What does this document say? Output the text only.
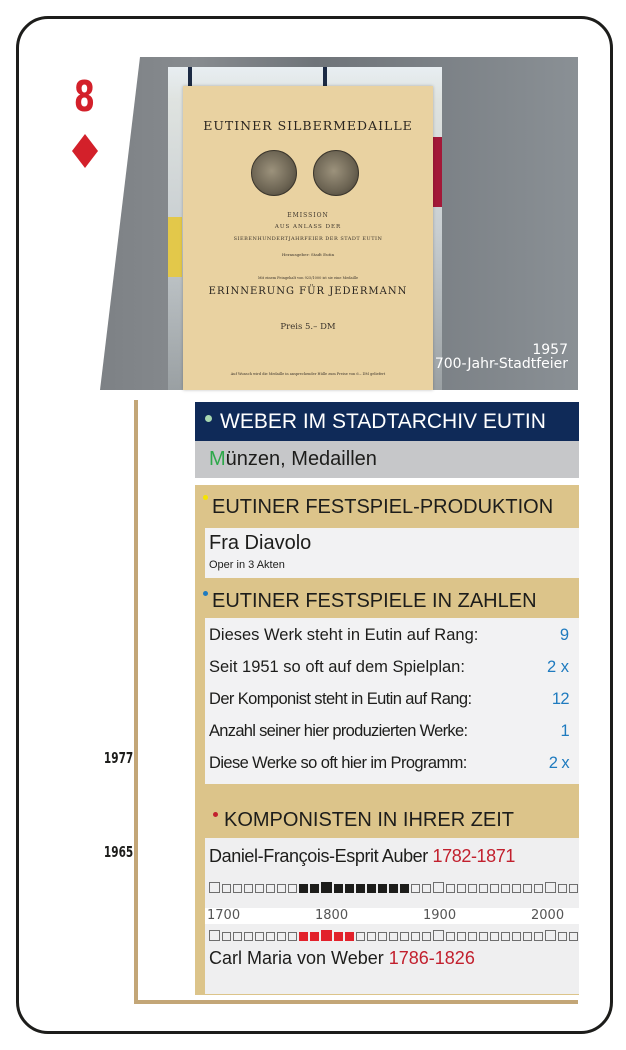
8
EUTINER SILBERMEDAILLE
EMISSION
AUS ANLASS DER
SIEBENHUNDERTJAHRFEIER DER STADT EUTIN
Herausgeber: Stadt Eutin
Mit einem Feingehalt von 925/1000 ist sie eine Medaille
ERINNERUNG FÜR JEDERMANN
Preis 5.– DM
Auf Wunsch wird die Medaille in ansprechender Hülle zum Preise von 6.– DM geliefert
1957
700-Jahr-Stadtfeier
1977
1965
WEBER IM STADTARCHIV EUTIN
Münzen, Medaillen
EUTINER FESTSPIEL-PRODUKTION
EUTINER FESTSPIELE IN ZAHLEN
KOMPONISTEN IN IHRER ZEIT
Fra Diavolo
Oper in 3 Akten
Dieses Werk steht in Eutin auf Rang:	9
Seit 1951 so oft auf dem Spielplan:	2 x
Der Komponist steht in Eutin auf Rang:	12
Anzahl seiner hier produzierten Werke:	1
Diese Werke so oft hier im Programm:	2 x
Daniel-François-Esprit Auber 1782-1871
Carl Maria von Weber 1786-1826
1700	1800	1900	2000
